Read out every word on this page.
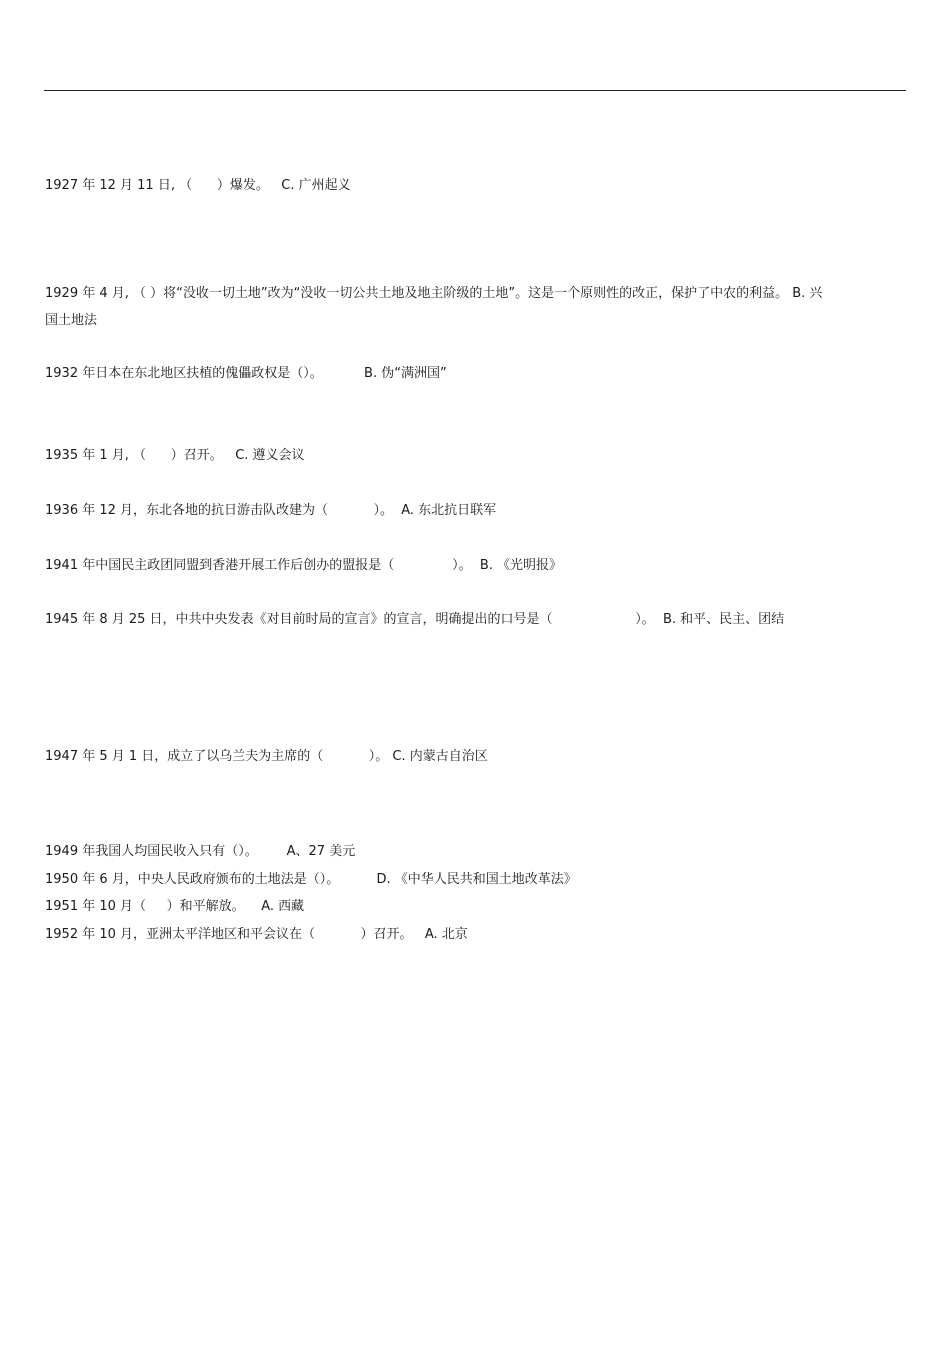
1927 年 12 月 11 日, （      ）爆发。   C. 广州起义
1929 年 4 月, （ ）将“没收一切土地”改为“没收一切公共土地及地主阶级的土地”。这是一个原则性的改正，保护了中农的利益。 B. 兴国土地法
1932 年日本在东北地区扶植的傀儡政权是（）。          B. 伪“满洲国”
1935 年 1 月, （      ）召开。   C. 遵义会议
1936 年 12 月，东北各地的抗日游击队改建为（           ）。  A. 东北抗日联军
1941 年中国民主政团同盟到香港开展工作后创办的盟报是（              ）。  B. 《光明报》
1945 年 8 月 25 日，中共中央发表《对目前时局的宣言》的宣言，明确提出的口号是（                    ）。  B. 和平、民主、团结
1947 年 5 月 1 日，成立了以乌兰夫为主席的（           ）。 C. 内蒙古自治区
1949 年我国人均国民收入只有（）。       A、27 美元
1950 年 6 月，中央人民政府颁布的土地法是（）。         D. 《中华人民共和国土地改革法》
1951 年 10 月（     ）和平解放。    A. 西藏
1952 年 10 月，亚洲太平洋地区和平会议在（           ）召开。   A. 北京
